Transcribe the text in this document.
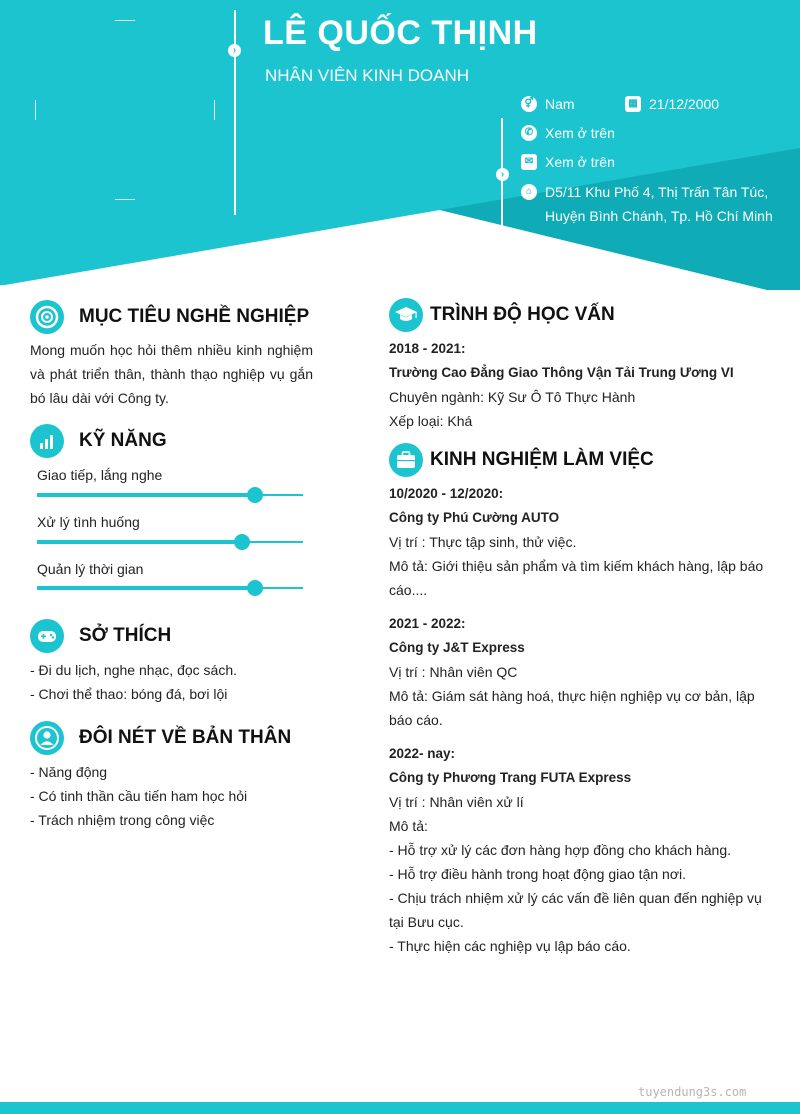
› LÊ QUỐC THỊNH
NHÂN VIÊN KINH DOANH
›
⚥ Nam	▦ 21/12/2000
✆ Xem ở trên
✉ Xem ở trên
⌂ D5/11 Khu Phố 4, Thị Trấn Tân Túc,
Huyện Bình Chánh, Tp. Hồ Chí Minh
MỤC TIÊU NGHỀ NGHIỆP
Mong muốn học hỏi thêm nhiều kinh nghiệm
và phát triển thân, thành thạo nghiệp vụ gắn
bó lâu dài với Công ty.
KỸ NĂNG
Giao tiếp, lắng nghe
Xử lý tình huống
Quản lý thời gian
SỞ THÍCH
- Đi du lịch, nghe nhạc, đọc sách.
- Chơi thể thao: bóng đá, bơi lội
ĐÔI NÉT VỀ BẢN THÂN
- Năng động
- Có tinh thần cầu tiến ham học hỏi
- Trách nhiệm trong công việc
TRÌNH ĐỘ HỌC VẤN
2018 - 2021:
Trường Cao Đẳng Giao Thông Vận Tải Trung Ương VI
Chuyên ngành: Kỹ Sư Ô Tô Thực Hành
Xếp loại: Khá
KINH NGHIỆM LÀM VIỆC
10/2020 - 12/2020:
Công ty Phú Cường AUTO
Vị trí : Thực tập sinh, thử việc.
Mô tả: Giới thiệu sản phẩm và tìm kiếm khách hàng, lập báo
cáo....
2021 - 2022:
Công ty J&T Express
Vị trí : Nhân viên QC
Mô tả: Giám sát hàng hoá, thực hiện nghiệp vụ cơ bản, lập
báo cáo.
2022- nay:
Công ty Phương Trang FUTA Express
Vị trí : Nhân viên xử lí
Mô tả:
- Hỗ trợ xử lý các đơn hàng hợp đồng cho khách hàng.
- Hỗ trợ điều hành trong hoạt động giao tận nơi.
- Chịu trách nhiệm xử lý các vấn đề liên quan đến nghiệp vụ
tại Bưu cục.
- Thực hiện các nghiệp vụ lập báo cáo.
tuyendung3s.com
